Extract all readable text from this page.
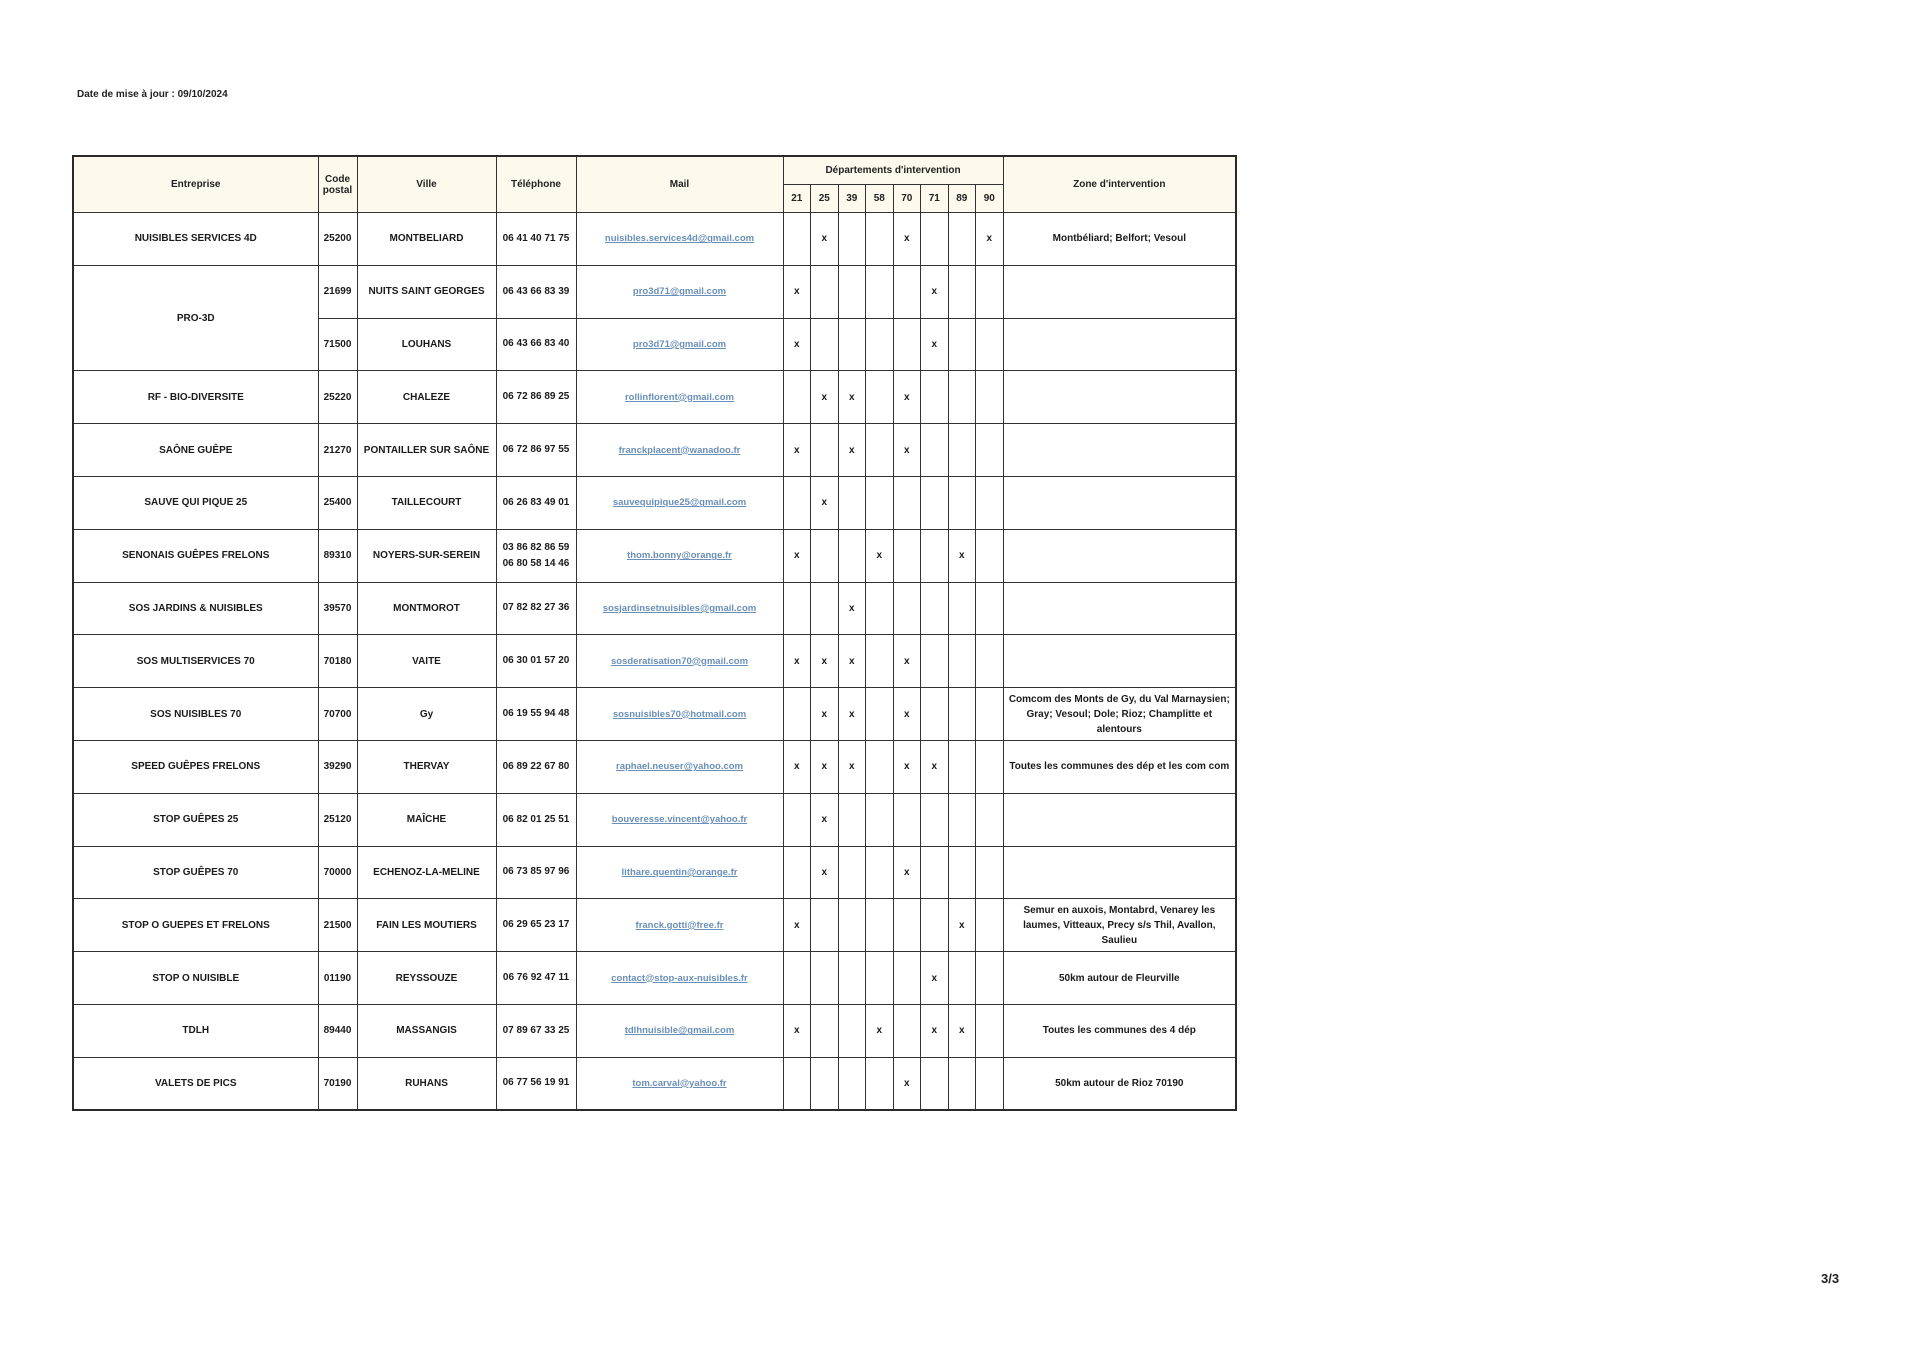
Date de mise à jour : 09/10/2024
Entreprise	Code postal	Ville	Téléphone	Mail	Départements d'intervention								Zone d'intervention
					21	25	39	58	70	71	89	90	
NUISIBLES SERVICES 4D	25200	MONTBELIARD	06 41 40 71 75	nuisibles.services4d@gmail.com		x			x			x	Montbéliard; Belfort; Vesoul
PRO-3D	21699	NUITS SAINT GEORGES	06 43 66 83 39	pro3d71@gmail.com	x					x			
	71500	LOUHANS	06 43 66 83 40	pro3d71@gmail.com	x					x			
RF - BIO-DIVERSITE	25220	CHALEZE	06 72 86 89 25	rollinflorent@gmail.com		x	x		x				
SAÔNE GUÊPE	21270	PONTAILLER SUR SAÔNE	06 72 86 97 55	franckplacent@wanadoo.fr	x		x		x				
SAUVE QUI PIQUE 25	25400	TAILLECOURT	06 26 83 49 01	sauvequipique25@gmail.com		x							
SENONAIS GUÊPES FRELONS	89310	NOYERS-SUR-SEREIN	03 86 82 86 59
06 80 58 14 46	thom.bonny@orange.fr	x			x			x		
SOS JARDINS & NUISIBLES	39570	MONTMOROT	07 82 82 27 36	sosjardinsetnuisibles@gmail.com			x						
SOS MULTISERVICES 70	70180	VAITE	06 30 01 57 20	sosderatisation70@gmail.com	x	x	x		x				
SOS NUISIBLES 70	70700	Gy	06 19 55 94 48	sosnuisibles70@hotmail.com		x	x		x				Comcom des Monts de Gy, du Val Marnaysien; Gray; Vesoul; Dole; Rioz; Champlitte et alentours
SPEED GUÊPES FRELONS	39290	THERVAY	06 89 22 67 80	raphael.neuser@yahoo.com	x	x	x		x	x			Toutes les communes des dép et les com com
STOP GUÊPES 25	25120	MAÎCHE	06 82 01 25 51	bouveresse.vincent@yahoo.fr		x							
STOP GUÊPES 70	70000	ECHENOZ-LA-MELINE	06 73 85 97 96	lithare.quentin@orange.fr		x			x				
STOP O GUEPES ET FRELONS	21500	FAIN LES MOUTIERS	06 29 65 23 17	franck.gotti@free.fr	x						x		Semur en auxois, Montabrd, Venarey les laumes, Vitteaux, Precy s/s Thil, Avallon, Saulieu
STOP O NUISIBLE	01190	REYSSOUZE	06 76 92 47 11	contact@stop-aux-nuisibles.fr						x			50km autour de Fleurville
TDLH	89440	MASSANGIS	07 89 67 33 25	tdlhnuisible@gmail.com	x			x		x	x		Toutes les communes des 4 dép
VALETS DE PICS	70190	RUHANS	06 77 56 19 91	tom.carval@yahoo.fr					x				50km autour de Rioz 70190
3/3
